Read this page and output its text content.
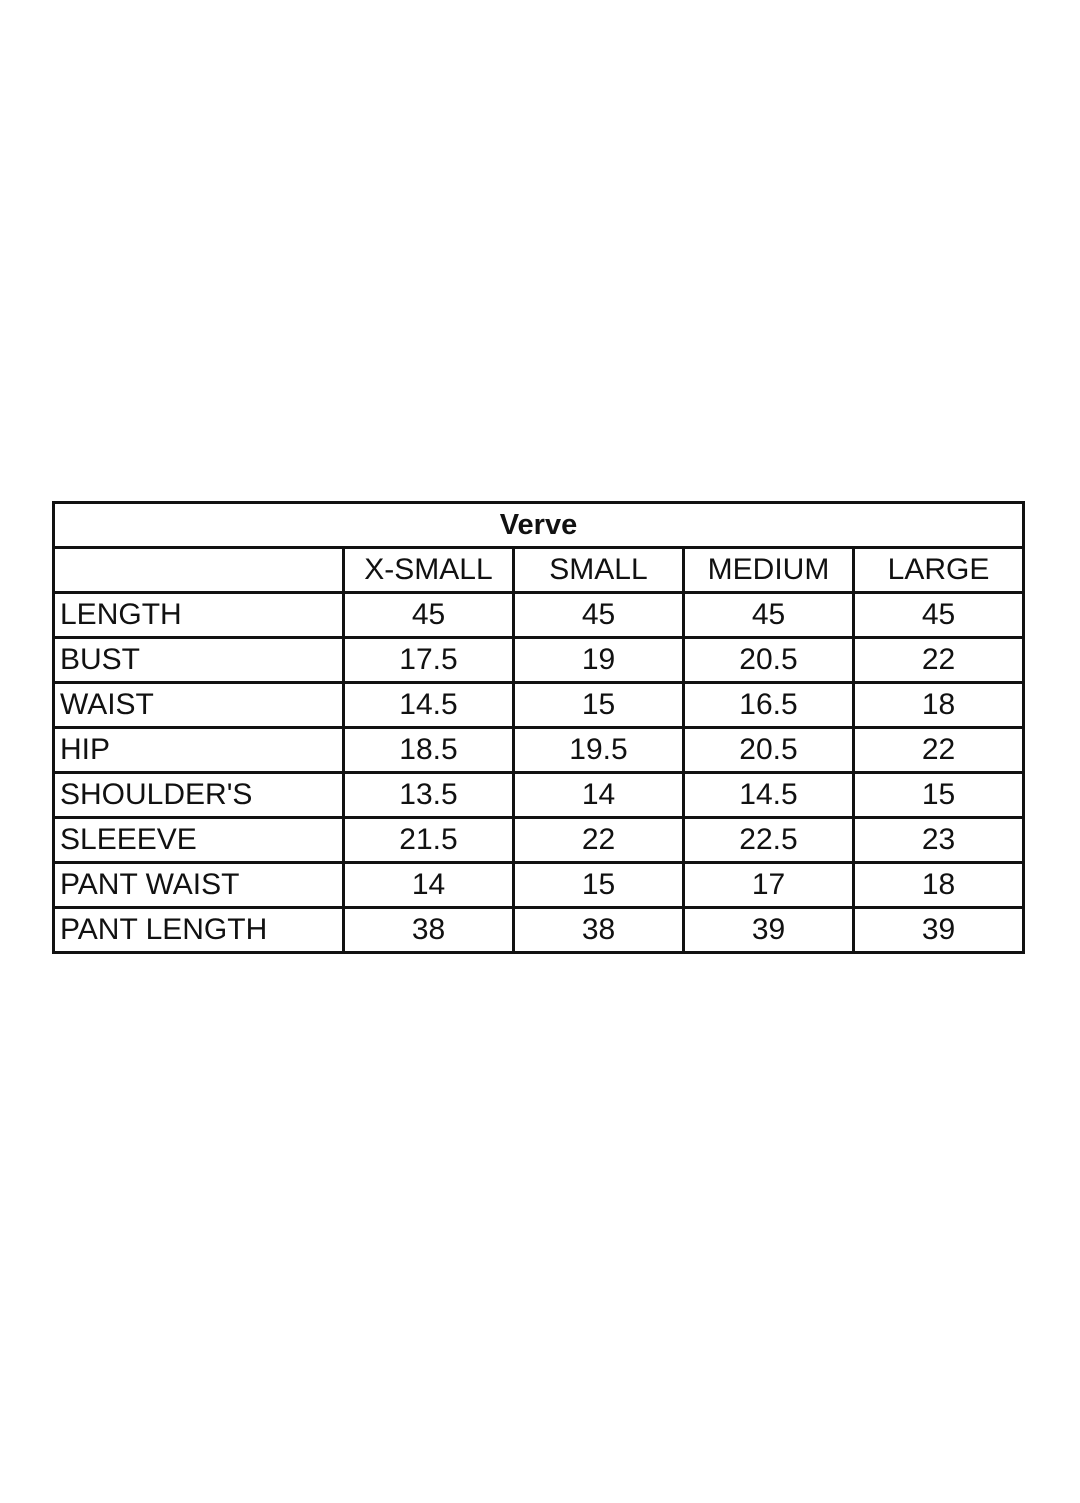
Verve				
	X-SMALL	SMALL	MEDIUM	LARGE
LENGTH	45	45	45	45
BUST	17.5	19	20.5	22
WAIST	14.5	15	16.5	18
HIP	18.5	19.5	20.5	22
SHOULDER'S	13.5	14	14.5	15
SLEEEVE	21.5	22	22.5	23
PANT WAIST	14	15	17	18
PANT LENGTH	38	38	39	39
